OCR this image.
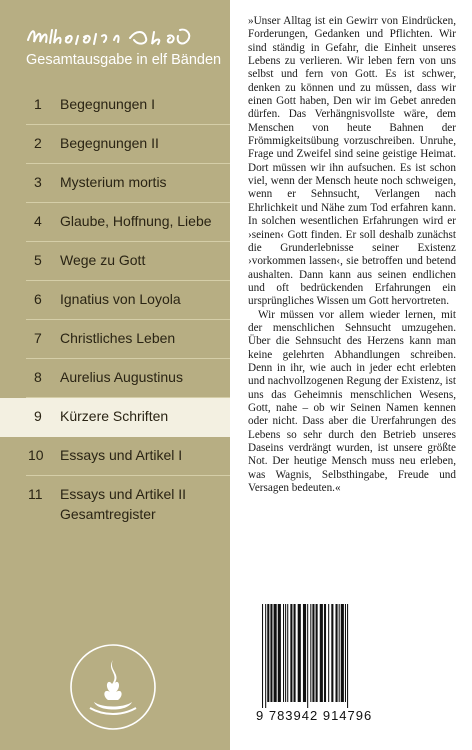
Gesamtausgabe in elf Bänden
1	Begegnungen I
2	Begegnungen II
3	Mysterium mortis
4	Glaube, Hoffnung, Liebe
5	Wege zu Gott
6	Ignatius von Loyola
7	Christliches Leben
8	Aurelius Augustinus
9	Kürzere Schriften
10	Essays und Artikel I
11	Essays und Artikel II
Gesamtregister

»Unser Alltag ist ein Gewirr von Eindrücken, Forderungen, Gedanken und Pflichten. Wir sind ständig in Gefahr, die Einheit unseres Lebens zu verlieren. Wir leben fern von uns selbst und fern von Gott. Es ist schwer, denken zu können und zu müssen, dass wir einen Gott haben, Den wir im Gebet anreden dürfen. Das Verhängnisvollste wäre, dem Menschen von heute Bahnen der Frömmigkeitsübung vorzuschreiben. Unruhe, Frage und Zweifel sind seine geistige Heimat. Dort müssen wir ihn aufsuchen. Es ist schon viel, wenn der Mensch heute noch schweigen, wenn er Sehnsucht, Verlangen nach Ehrlichkeit und Nähe zum Tod erfahren kann. In solchen wesentlichen Erfahrungen wird er ›seinen‹ Gott finden. Er soll deshalb zunächst die Grunderlebnisse seiner Existenz ›vorkommen lassen‹, sie betroffen und betend aushalten. Dann kann aus seinen endlichen und oft bedrückenden Erfahrungen ein ursprüngliches Wissen um Gott hervortreten.

Wir müssen vor allem wieder lernen, mit der menschlichen Sehnsucht umzugehen. Über die Sehnsucht des Herzens kann man keine gelehrten Abhandlungen schreiben. Denn in ihr, wie auch in jeder echt erlebten und nachvollzogenen Regung der Existenz, ist uns das Geheimnis menschlichen Wesens, Gott, nahe – ob wir Seinen Namen kennen oder nicht. Dass aber die Urerfahrungen des Lebens so sehr durch den Betrieb unseres Daseins verdrängt wurden, ist unsere größte Not. Der heutige Mensch muss neu erleben, was Wagnis, Selbsthingabe, Freude und Versagen bedeuten.«

9 783942 914796
